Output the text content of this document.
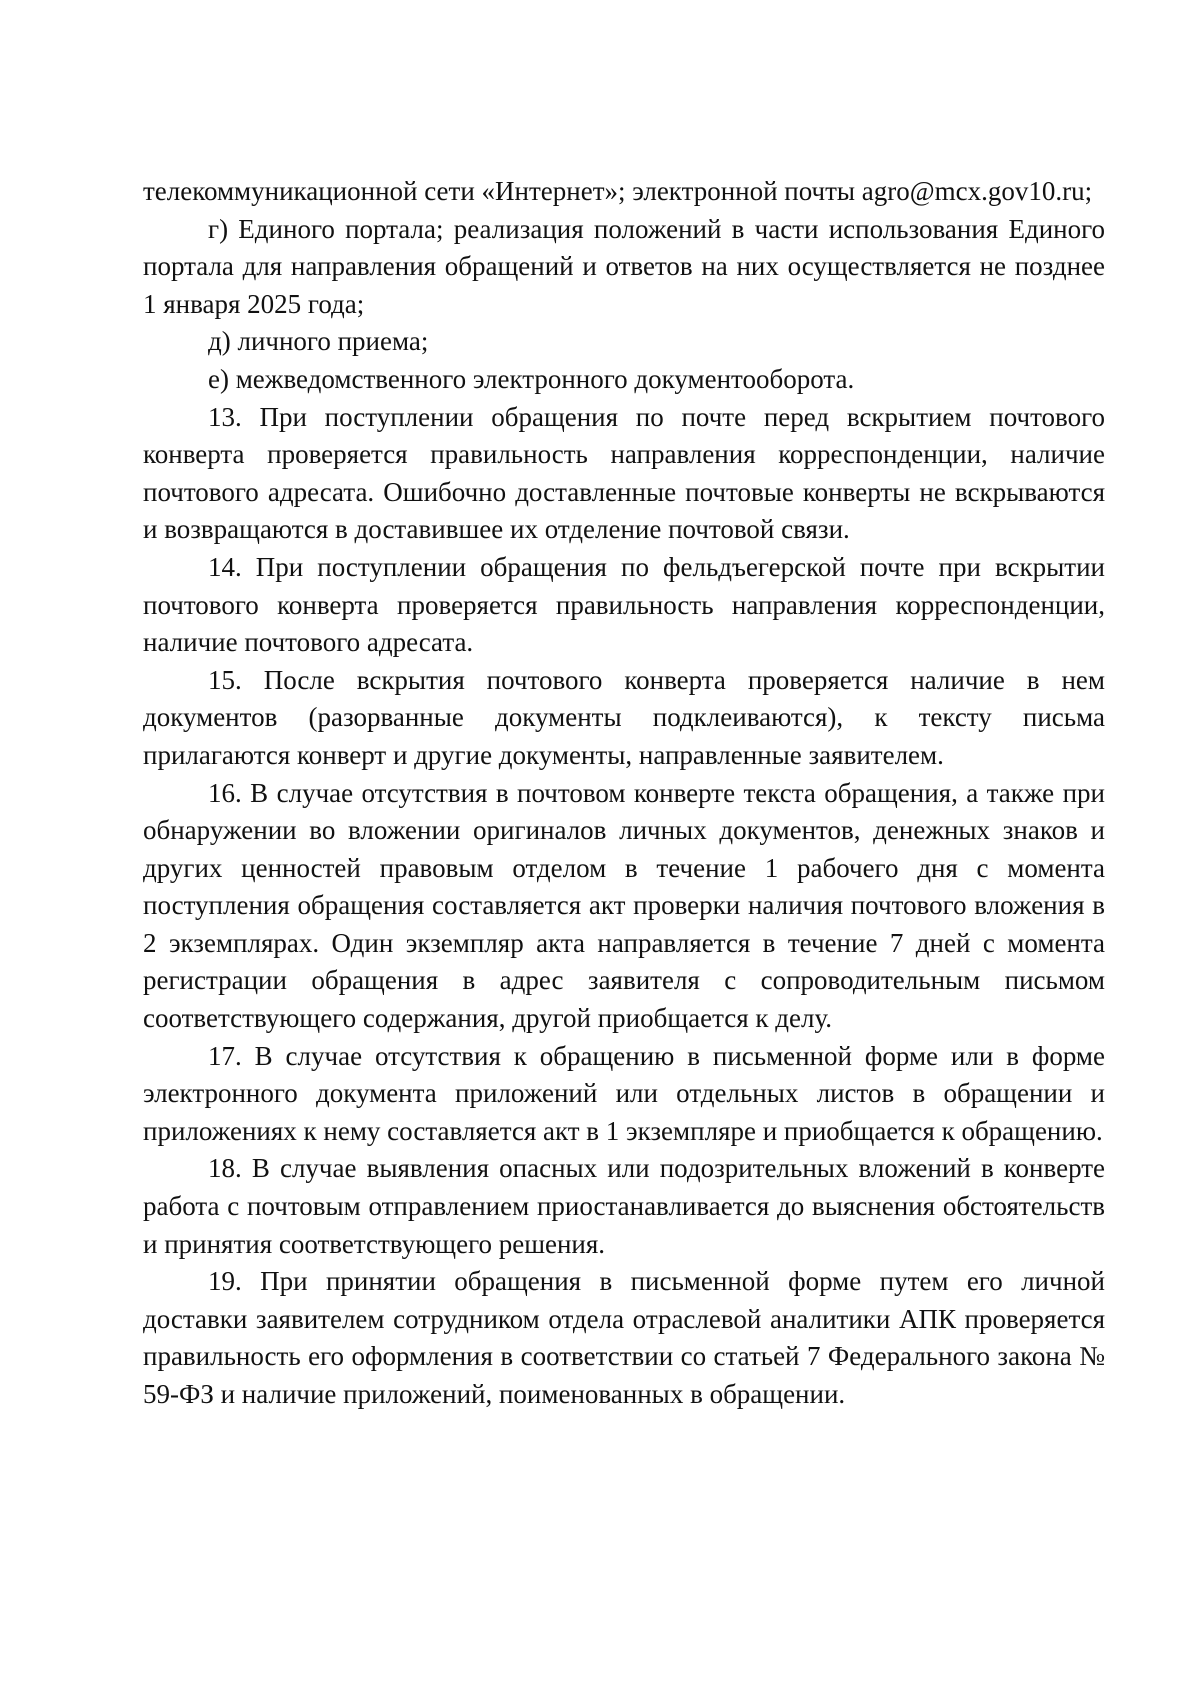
телекоммуникационной сети «Интернет»; электронной почты agro@mcx.gov10.ru;

г) Единого портала; реализация положений в части использования Единого портала для направления обращений и ответов на них осуществляется не позднее 1 января 2025 года;

д) личного приема;

е) межведомственного электронного документооборота.

13. При поступлении обращения по почте перед вскрытием почтового конверта проверяется правильность направления корреспонденции, наличие почтового адресата. Ошибочно доставленные почтовые конверты не вскрываются и возвращаются в доставившее их отделение почтовой связи.

14. При поступлении обращения по фельдъегерской почте при вскрытии почтового конверта проверяется правильность направления корреспонденции, наличие почтового адресата.

15. После вскрытия почтового конверта проверяется наличие в нем документов (разорванные документы подклеиваются), к тексту письма прилагаются конверт и другие документы, направленные заявителем.

16. В случае отсутствия в почтовом конверте текста обращения, а также при обнаружении во вложении оригиналов личных документов, денежных знаков и других ценностей правовым отделом в течение 1 рабочего дня с момента поступления обращения составляется акт проверки наличия почтового вложения в 2 экземплярах. Один экземпляр акта направляется в течение 7 дней с момента регистрации обращения в адрес заявителя с сопроводительным письмом соответствующего содержания, другой приобщается к делу.

17. В случае отсутствия к обращению в письменной форме или в форме электронного документа приложений или отдельных листов в обращении и приложениях к нему составляется акт в 1 экземпляре и приобщается к обращению.

18. В случае выявления опасных или подозрительных вложений в конверте работа с почтовым отправлением приостанавливается до выяснения обстоятельств и принятия соответствующего решения.

19. При принятии обращения в письменной форме путем его личной доставки заявителем сотрудником отдела отраслевой аналитики АПК проверяется правильность его оформления в соответствии со статьей 7 Федерального закона № 59-ФЗ и наличие приложений, поименованных в обращении.
